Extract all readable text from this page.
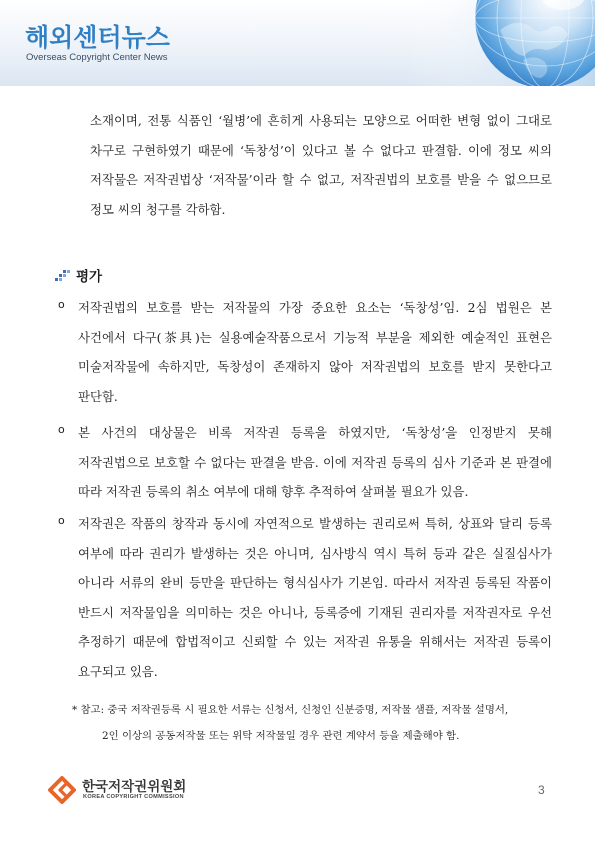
해외센터뉴스
Overseas Copyright Center News

소재이며, 전통 식품인 ‘월병’에 흔히게 사용되는 모양으로 어떠한 변형 없이 그대로 차구로 구현하였기 때문에 ‘독창성’이 있다고 볼 수 없다고 판결함. 이에 정모 씨의 저작물은 저작권법상 ‘저작물’이라 할 수 없고, 저작권법의 보호를 받을 수 없으므로 정모 씨의 청구를 각하함.

평가
o 저작권법의 보호를 받는 저작물의 가장 중요한 요소는 ‘독창성’임. 2심 법원은 본 사건에서 다구(茶具)는 실용예술작품으로서 기능적 부분을 제외한 예술적인 표현은 미술저작물에 속하지만, 독창성이 존재하지 않아 저작권법의 보호를 받지 못한다고 판단함.

o 본 사건의 대상물은 비록 저작권 등록을 하였지만, ‘독창성’을 인정받지 못해 저작권법으로 보호할 수 없다는 판결을 받음. 이에 저작권 등록의 심사 기준과 본 판결에 따라 저작권 등록의 취소 여부에 대해 향후 추적하여 살펴볼 필요가 있음.

o 저작권은 작품의 창작과 동시에 자연적으로 발생하는 권리로써 특허, 상표와 달리 등록 여부에 따라 권리가 발생하는 것은 아니며, 심사방식 역시 특허 등과 같은 실질심사가 아니라 서류의 완비 등만을 판단하는 형식심사가 기본임. 따라서 저작권 등록된 작품이 반드시 저작물임을 의미하는 것은 아니나, 등록증에 기재된 권리자를 저작권자로 우선 추정하기 때문에 합법적이고 신뢰할 수 있는 저작권 유통을 위해서는 저작권 등록이 요구되고 있음.

* 참고: 중국 저작권등록 시 필요한 서류는 신청서, 신청인 신분증명, 저작물 샘플, 저작물 설명서,
2인 이상의 공동저작물 또는 위탁 저작물일 경우 관련 계약서 등을 제출해야 함.
한국저작권위원회
KOREA COPYRIGHT COMMISSION	3
